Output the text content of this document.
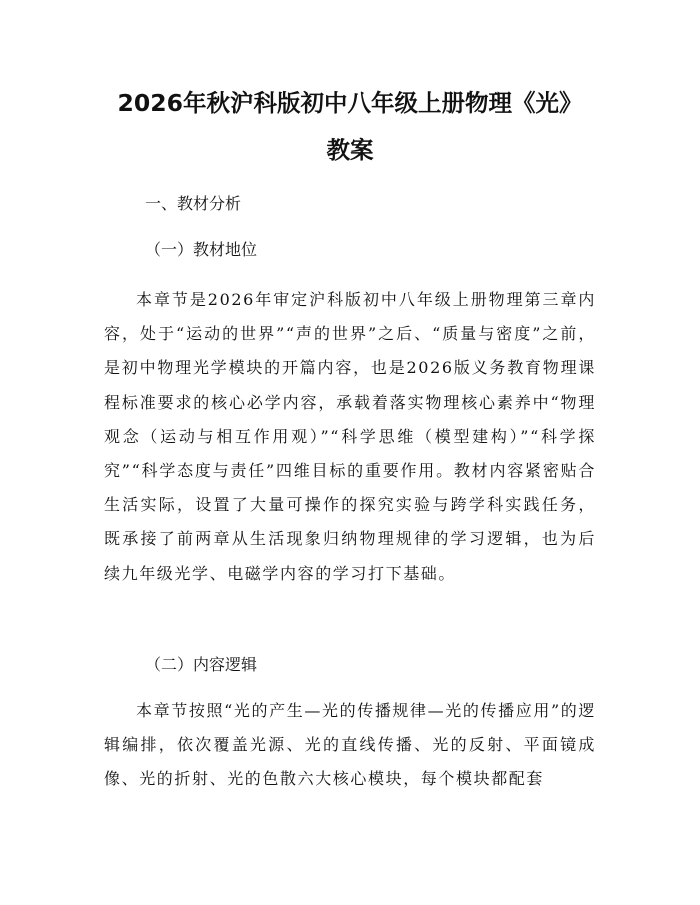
2026年秋沪科版初中八年级上册物理《光》
教案

一、教材分析

（一）教材地位

本章节是2026年审定沪科版初中八年级上册物理第三章内容，处于“运动的世界”“声的世界”之后、“质量与密度”之前，是初中物理光学模块的开篇内容，也是2026版义务教育物理课程标准要求的核心必学内容，承载着落实物理核心素养中“物理观念（运动与相互作用观）”“科学思维（模型建构）”“科学探究”“科学态度与责任”四维目标的重要作用。教材内容紧密贴合生活实际，设置了大量可操作的探究实验与跨学科实践任务，既承接了前两章从生活现象归纳物理规律的学习逻辑，也为后续九年级光学、电磁学内容的学习打下基础。

（二）内容逻辑

本章节按照“光的产生—光的传播规律—光的传播应用”的逻辑编排，依次覆盖光源、光的直线传播、光的反射、平面镜成像、光的折射、光的色散六大核心模块，每个模块都配套
